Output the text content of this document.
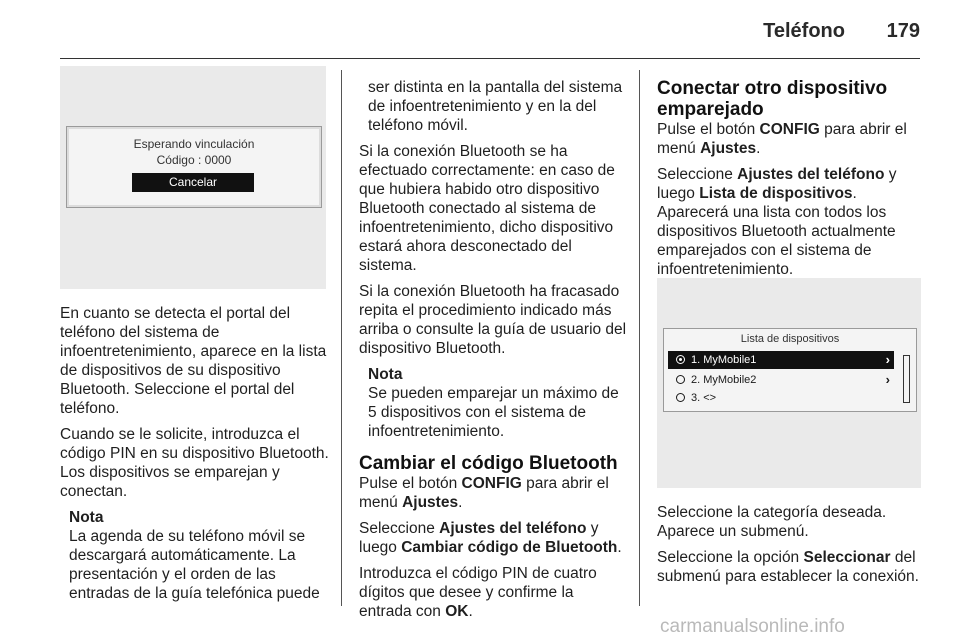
Teléfono 179
Esperando vinculación
Código : 0000
Cancelar

En cuanto se detecta el portal del teléfono del sistema de infoentretenimiento, aparece en la lista de dispositivos de su dispositivo Bluetooth. Seleccione el portal del teléfono.

Cuando se le solicite, introduzca el código PIN en su dispositivo Bluetooth. Los dispositivos se emparejan y conectan.

Nota
La agenda de su teléfono móvil se descargará automáticamente. La presentación y el orden de las entradas de la guía telefónica puede

ser distinta en la pantalla del sistema de infoentretenimiento y en la del teléfono móvil.

Si la conexión Bluetooth se ha efectuado correctamente: en caso de que hubiera habido otro dispositivo Bluetooth conectado al sistema de infoentretenimiento, dicho dispositivo estará ahora desconectado del sistema.

Si la conexión Bluetooth ha fracasado repita el procedimiento indicado más arriba o consulte la guía de usuario del dispositivo Bluetooth.

Nota
Se pueden emparejar un máximo de 5 dispositivos con el sistema de infoentretenimiento.

Cambiar el código Bluetooth

Pulse el botón CONFIG para abrir el menú Ajustes.

Seleccione Ajustes del teléfono y luego Cambiar código de Bluetooth.

Introduzca el código PIN de cuatro dígitos que desee y confirme la entrada con OK.

Conectar otro dispositivo emparejado

Pulse el botón CONFIG para abrir el menú Ajustes.

Seleccione Ajustes del teléfono y luego Lista de dispositivos. Aparecerá una lista con todos los dispositivos Bluetooth actualmente emparejados con el sistema de infoentretenimiento.

Lista de dispositivos
1. MyMobile1	›
2. MyMobile2	›
3. <>

Seleccione la categoría deseada. Aparece un submenú.

Seleccione la opción Seleccionar del submenú para establecer la conexión.

carmanualsonline.info
